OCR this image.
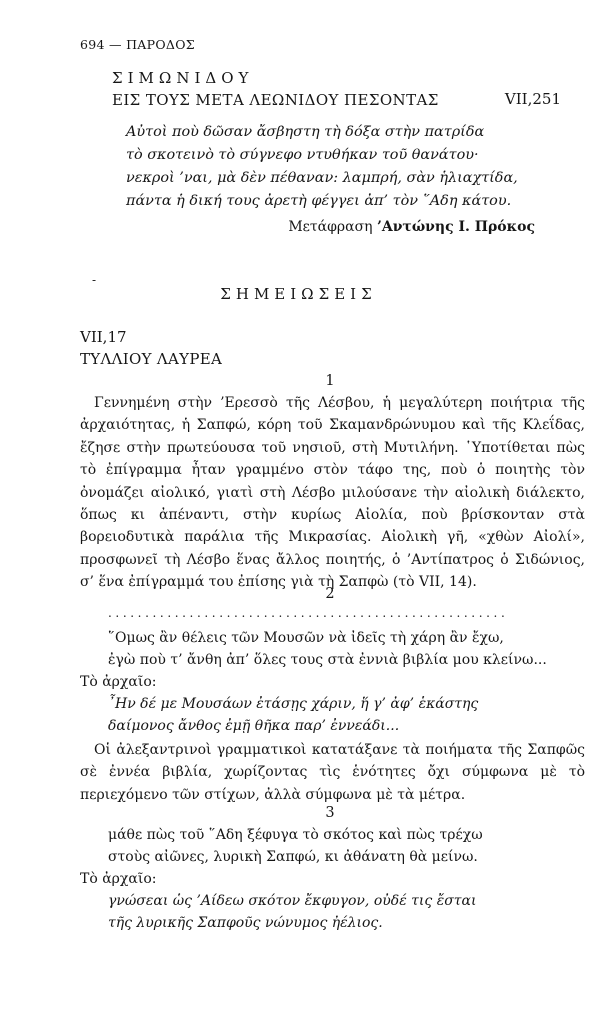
694 — ΠΑΡΟΔΟΣ
ΣΙΜΩΝΙΔΟΥ
ΕΙΣ ΤΟΥΣ ΜΕΤΑ ΛΕΩΝΙΔΟΥ ΠΕΣΟΝΤΑΣ	VII,251
Αὐτοὶ ποὺ δῶσαν ἄσβηστη τὴ δόξα στὴν πατρίδα
τὸ σκοτεινὸ τὸ σύγνεφο ντυθήκαν τοῦ θανάτου·
νεκροὶ ’ναι, μὰ δὲν πέθαναν: λαμπρή, σὰν ἡλιαχτίδα,
πάντα ἡ δική τους ἀρετὴ φέγγει ἀπ’ τὸν ῞Αδη κάτου.
Μετάφραση ’Αντώνης Ι. Πρόκος
-
ΣΗΜΕΙΩΣΕΙΣ
VII,17
ΤΥΛΛΙΟΥ ΛΑΥΡΕΑ
1
Γεννημένη στὴν ’Ερεσσὸ τῆς Λέσβου, ἡ μεγαλύτερη ποιήτρια τῆς ἀρχαιότητας, ἡ Σαπφώ, κόρη τοῦ Σκαμανδρώνυμου καὶ τῆς Κλεΐδας, ἔζησε στὴν πρωτεύουσα τοῦ νησιοῦ, στὴ Μυτιλήνη. ῾Υποτίθεται πὼς τὸ ἐπίγραμμα ἦταν γραμμένο στὸν τάφο της, ποὺ ὁ ποιητὴς τὸν ὀνομάζει αἰολικό, γιατὶ στὴ Λέσβο μιλούσανε τὴν αἰολικὴ διάλεκτο, ὅπως κι ἀπέναντι, στὴν κυρίως Αἰολία, ποὺ βρίσκονταν στὰ βορειοδυτικὰ παράλια τῆς Μικρασίας. Αἰολικὴ γῆ, «χθὼν Αἰολί», προσφωνεῖ τὴ Λέσβο ἕνας ἄλλος ποιητής, ὁ ’Αντίπατρος ὁ Σιδώνιος, σ’ ἕνα ἐπίγραμμά του ἐπίσης γιὰ τὴ Σαπφὼ (τὸ VII, 14).
2
......................................................
῞Ομως ἂν θέλεις τῶν Μουσῶν νὰ ἰδεῖς τὴ χάρη ἂν ἔχω,
ἐγὼ ποὺ τ’ ἄνθη ἀπ’ ὅλες τους στὰ ἐννιὰ βιβλία μου κλείνω...
Τὸ ἀρχαῖο:
῏Ην δέ με Μουσάων ἐτάσῃς χάριν, ἥ γ’ ἀφ’ ἑκάστης
δαίμονος ἄνθος ἐμῇ θῆκα παρ’ ἐννεάδι...
Οἱ ἀλεξαντρινοὶ γραμματικοὶ κατατάξανε τὰ ποιήματα τῆς Σαπφῶς σὲ ἐννέα βιβλία, χωρίζοντας τὶς ἑνότητες ὄχι σύμφωνα μὲ τὸ περιεχόμενο τῶν στίχων, ἀλλὰ σύμφωνα μὲ τὰ μέτρα.
3
μάθε πὼς τοῦ ῞Αδη ξέφυγα τὸ σκότος καὶ πὼς τρέχω
στοὺς αἰῶνες, λυρικὴ Σαπφώ, κι ἀθάνατη θὰ μείνω.
Τὸ ἀρχαῖο:
γνώσεαι ὡς ’Αίδεω σκότον ἔκφυγον, οὐδέ τις ἔσται
τῆς λυρικῆς Σαπφοῦς νώνυμος ἠέλιος.
